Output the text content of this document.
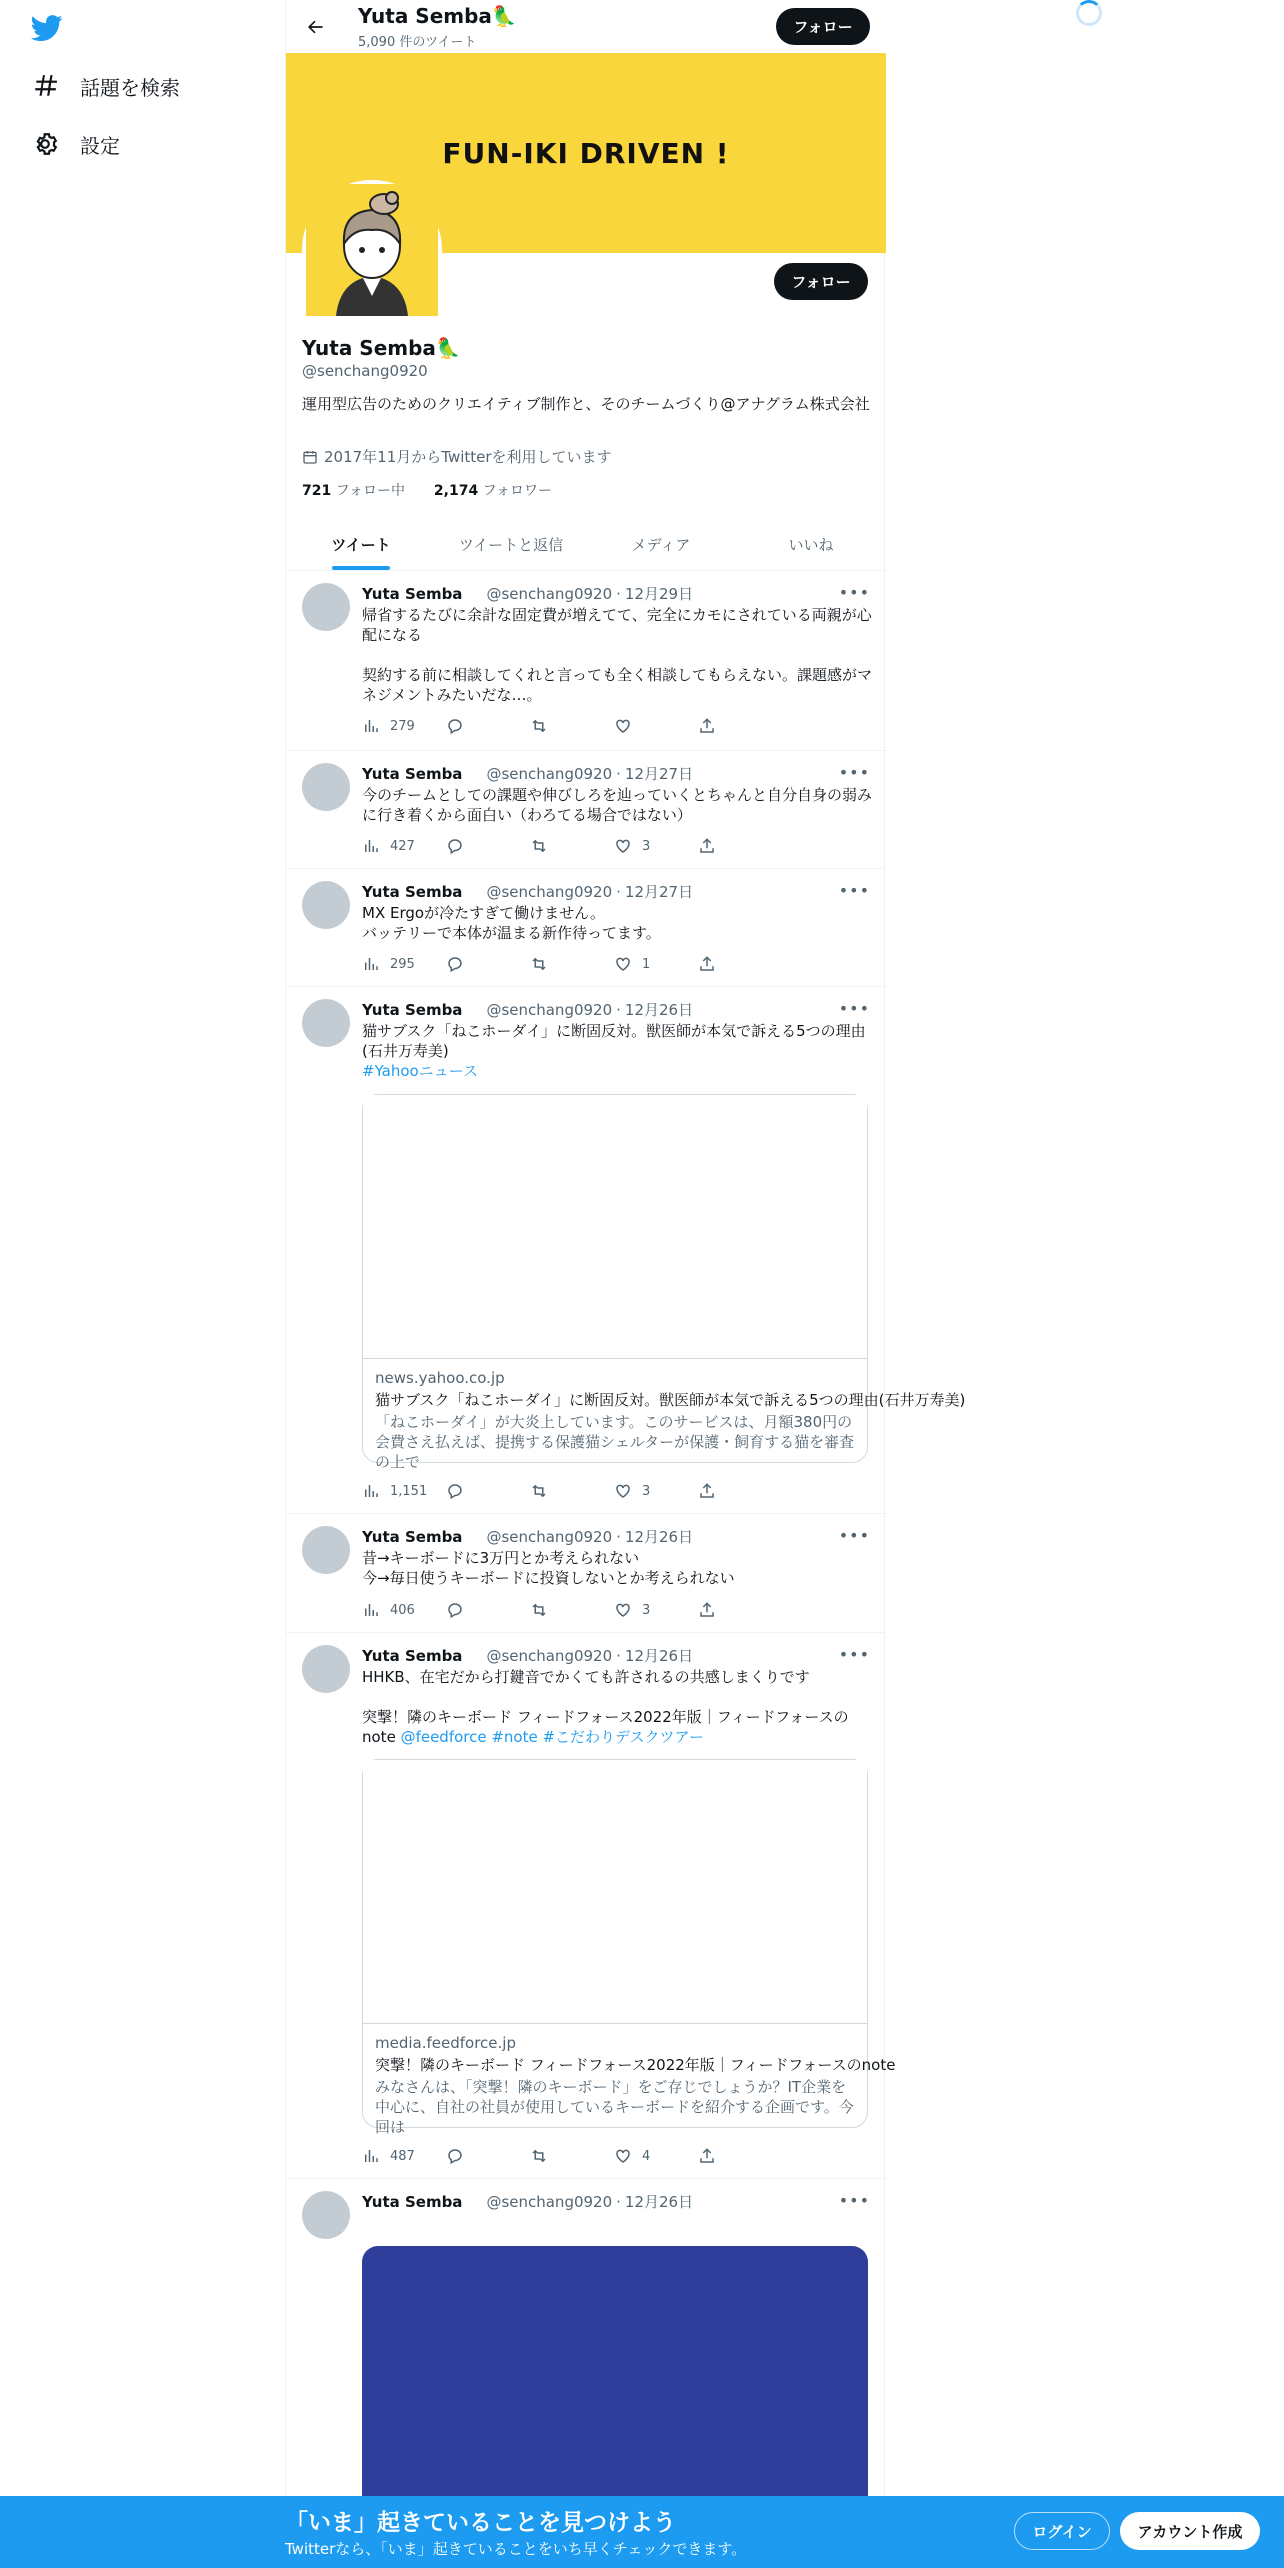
話題を検索
設定
Yuta Semba🦜
5,090 件のツイート
フォロー
FUN-IKI DRIVEN !
フォロー
Yuta Semba🦜
@senchang0920
運用型広告のためのクリエイティブ制作と、そのチームづくり@アナグラム株式会社
2017年11月からTwitterを利用しています
721 フォロー中 2,174 フォロワー
ツイート	ツイートと返信	メディア	いいね
Yuta Semba @senchang0920 · 12月29日	•••
帰省するたびに余計な固定費が増えてて、完全にカモにされている両親が心配になる

契約する前に相談してくれと言っても全く相談してもらえない。課題感がマネジメントみたいだな…。
279
Yuta Semba @senchang0920 · 12月27日	•••
今のチームとしての課題や伸びしろを辿っていくとちゃんと自分自身の弱みに行き着くから面白い（わろてる場合ではない）
427	3
Yuta Semba @senchang0920 · 12月27日	•••
MX Ergoが冷たすぎて働けません。
バッテリーで本体が温まる新作待ってます。
295	1
Yuta Semba @senchang0920 · 12月26日	•••
猫サブスク「ねこホーダイ」に断固反対。獣医師が本気で訴える5つの理由(石井万寿美)
#Yahooニュース
news.yahoo.co.jp
猫サブスク「ねこホーダイ」に断固反対。獣医師が本気で訴える5つの理由(石井万寿美)
「ねこホーダイ」が大炎上しています。このサービスは、月額380円の会費さえ払えば、提携する保護猫シェルターが保護・飼育する猫を審査の上で
1,151	3
Yuta Semba @senchang0920 · 12月26日	•••
昔→キーボードに3万円とか考えられない
今→毎日使うキーボードに投資しないとか考えられない
406	3
Yuta Semba @senchang0920 · 12月26日	•••
HHKB、在宅だから打鍵音でかくても許されるの共感しまくりです

突撃！隣のキーボード フィードフォース2022年版｜フィードフォースの note @feedforce #note #こだわりデスクツアー
media.feedforce.jp
突撃！隣のキーボード フィードフォース2022年版｜フィードフォースのnote
みなさんは、「突撃！隣のキーボード」をご存じでしょうか？IT企業を中心に、自社の社員が使用しているキーボードを紹介する企画です。今回は
487	4
Yuta Semba @senchang0920 · 12月26日	•••
「いま」起きていることを見つけよう
Twitterなら、「いま」起きていることをいち早くチェックできます。
ログイン	アカウント作成
